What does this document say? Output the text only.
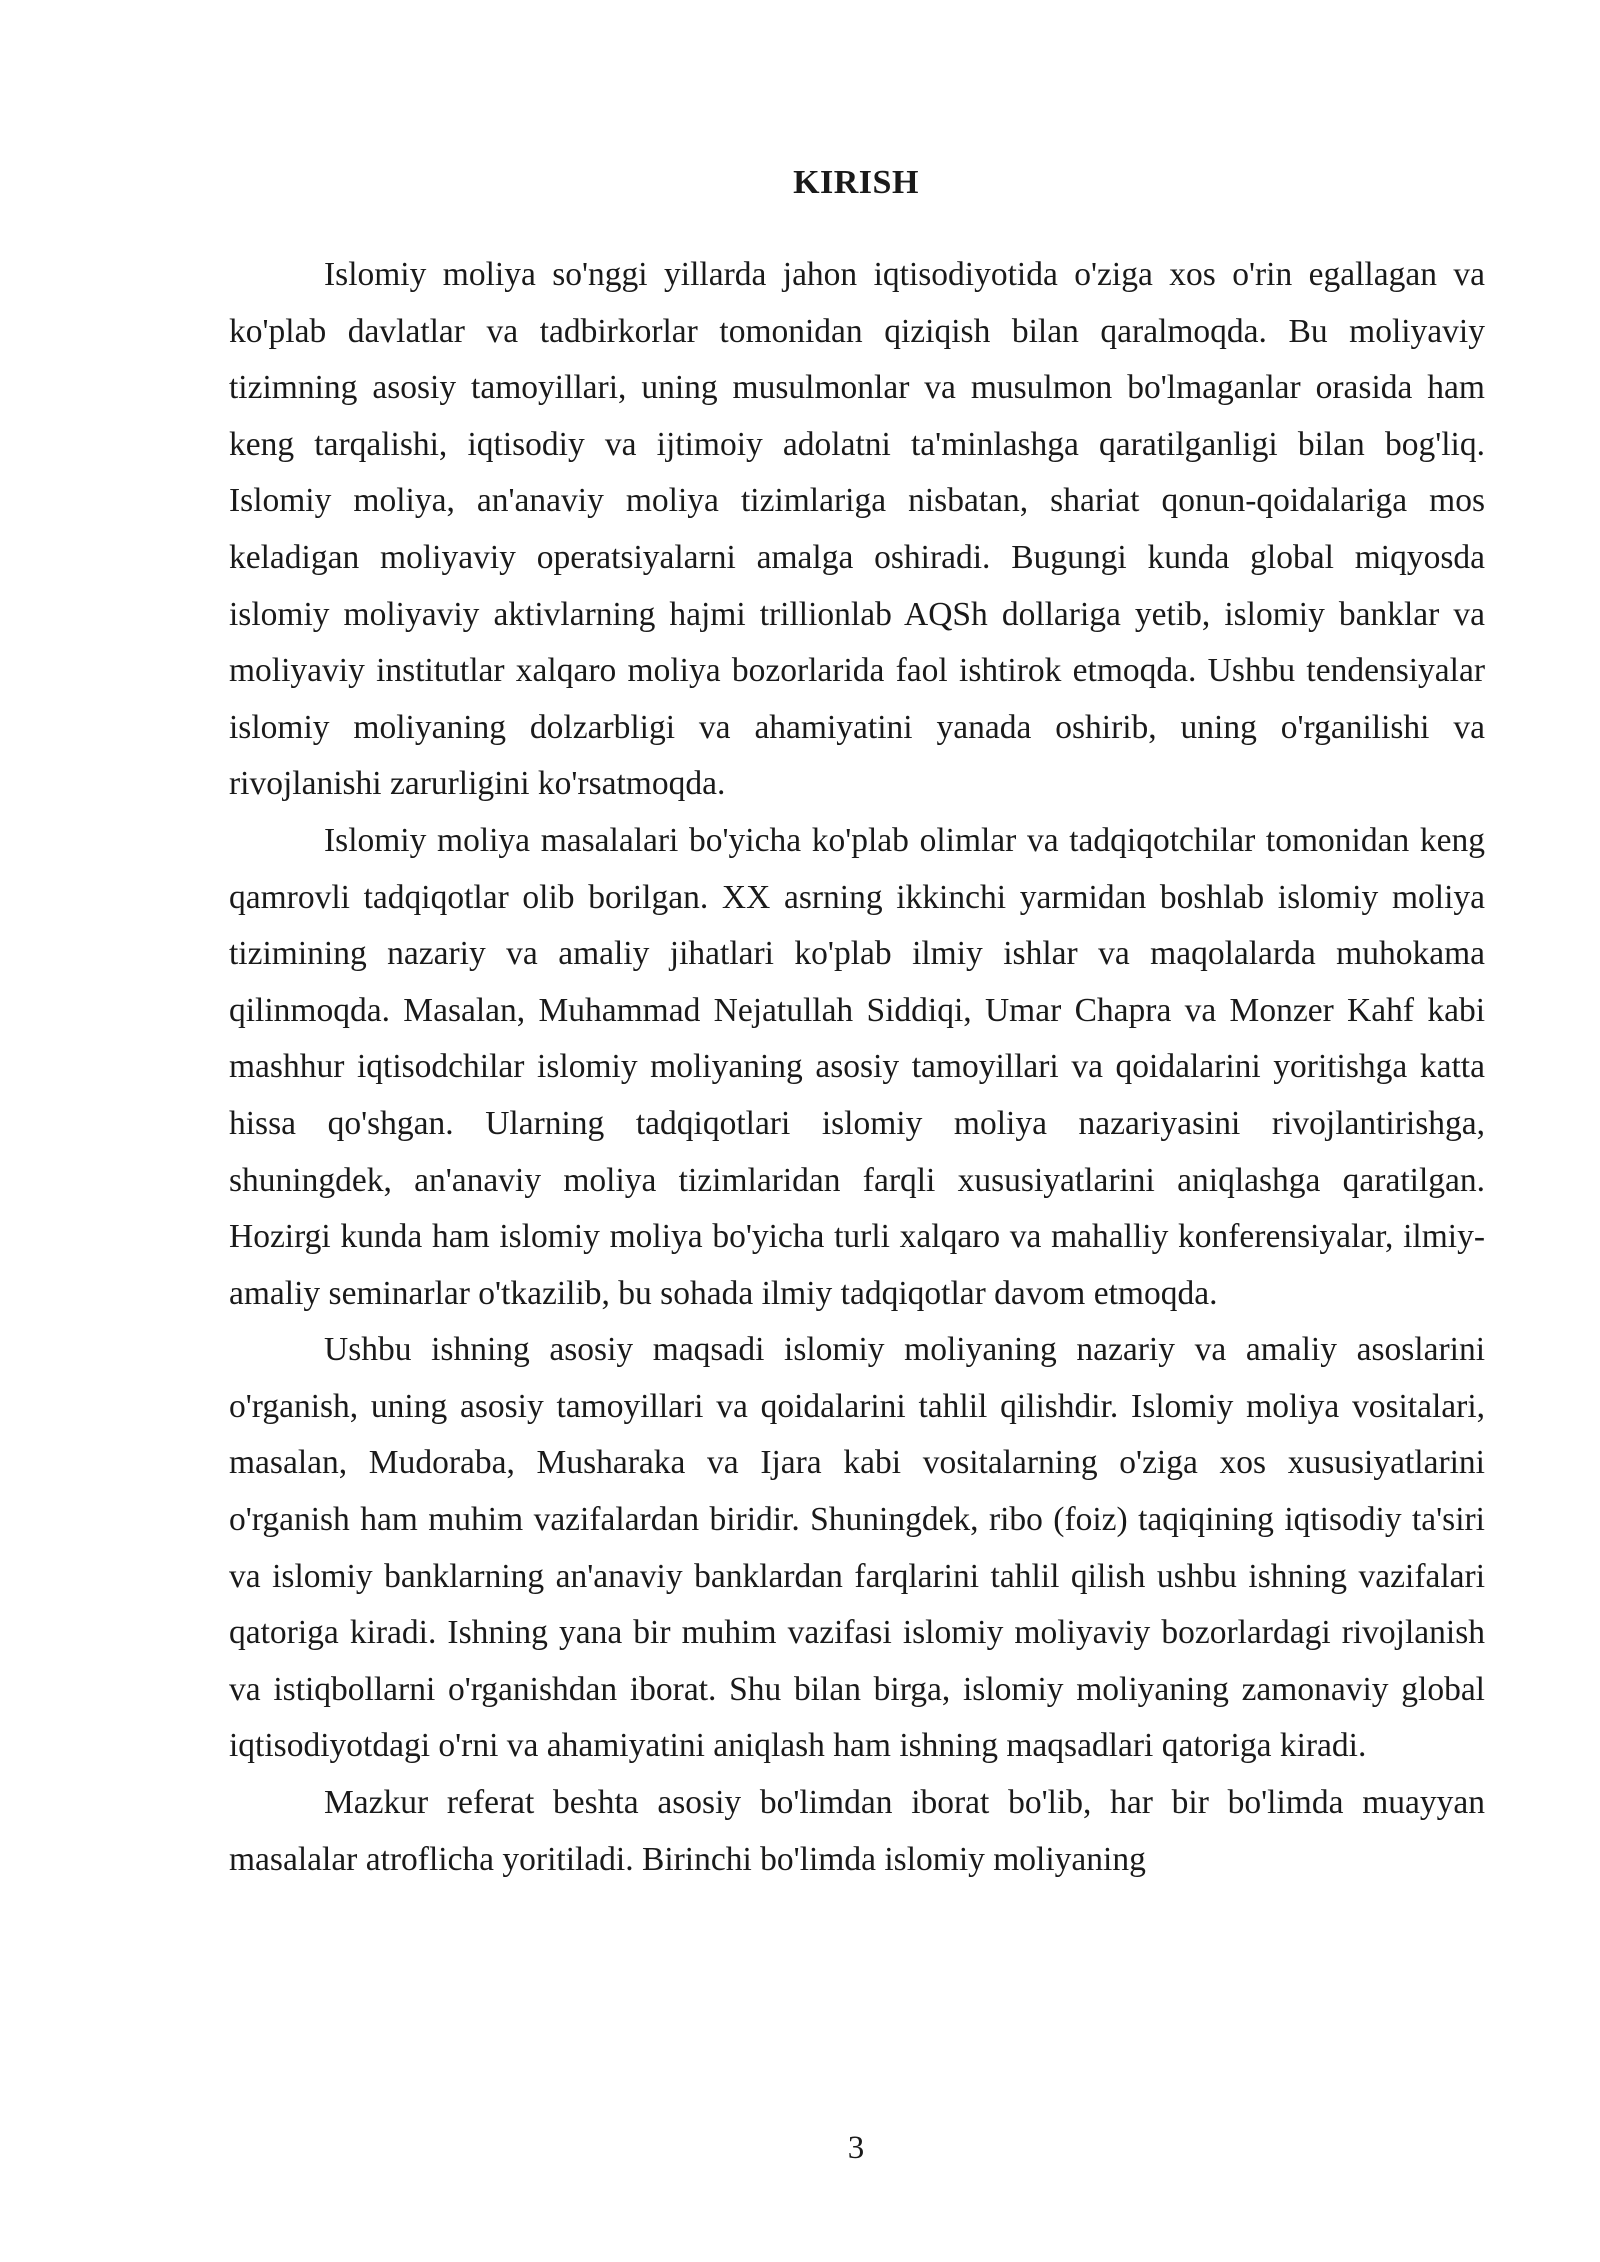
KIRISH

Islomiy moliya so'nggi yillarda jahon iqtisodiyotida o'ziga xos o'rin egallagan va ko'plab davlatlar va tadbirkorlar tomonidan qiziqish bilan qaralmoqda. Bu moliyaviy tizimning asosiy tamoyillari, uning musulmonlar va musulmon bo'lmaganlar orasida ham keng tarqalishi, iqtisodiy va ijtimoiy adolatni ta'minlashga qaratilganligi bilan bog'liq. Islomiy moliya, an'anaviy moliya tizimlariga nisbatan, shariat qonun-qoidalariga mos keladigan moliyaviy operatsiyalarni amalga oshiradi. Bugungi kunda global miqyosda islomiy moliyaviy aktivlarning hajmi trillionlab AQSh dollariga yetib, islomiy banklar va moliyaviy institutlar xalqaro moliya bozorlarida faol ishtirok etmoqda. Ushbu tendensiyalar islomiy moliyaning dolzarbligi va ahamiyatini yanada oshirib, uning o'rganilishi va rivojlanishi zarurligini ko'rsatmoqda.

Islomiy moliya masalalari bo'yicha ko'plab olimlar va tadqiqotchilar tomonidan keng qamrovli tadqiqotlar olib borilgan. XX asrning ikkinchi yarmidan boshlab islomiy moliya tizimining nazariy va amaliy jihatlari ko'plab ilmiy ishlar va maqolalarda muhokama qilinmoqda. Masalan, Muhammad Nejatullah Siddiqi, Umar Chapra va Monzer Kahf kabi mashhur iqtisodchilar islomiy moliyaning asosiy tamoyillari va qoidalarini yoritishga katta hissa qo'shgan. Ularning tadqiqotlari islomiy moliya nazariyasini rivojlantirishga, shuningdek, an'anaviy moliya tizimlaridan farqli xususiyatlarini aniqlashga qaratilgan. Hozirgi kunda ham islomiy moliya bo'yicha turli xalqaro va mahalliy konferensiyalar, ilmiy-amaliy seminarlar o'tkazilib, bu sohada ilmiy tadqiqotlar davom etmoqda.

Ushbu ishning asosiy maqsadi islomiy moliyaning nazariy va amaliy asoslarini o'rganish, uning asosiy tamoyillari va qoidalarini tahlil qilishdir. Islomiy moliya vositalari, masalan, Mudoraba, Musharaka va Ijara kabi vositalarning o'ziga xos xususiyatlarini o'rganish ham muhim vazifalardan biridir. Shuningdek, ribo (foiz) taqiqining iqtisodiy ta'siri va islomiy banklarning an'anaviy banklardan farqlarini tahlil qilish ushbu ishning vazifalari qatoriga kiradi. Ishning yana bir muhim vazifasi islomiy moliyaviy bozorlardagi rivojlanish va istiqbollarni o'rganishdan iborat. Shu bilan birga, islomiy moliyaning zamonaviy global iqtisodiyotdagi o'rni va ahamiyatini aniqlash ham ishning maqsadlari qatoriga kiradi.

Mazkur referat beshta asosiy bo'limdan iborat bo'lib, har bir bo'limda muayyan masalalar atroflicha yoritiladi. Birinchi bo'limda islomiy moliyaning

3
